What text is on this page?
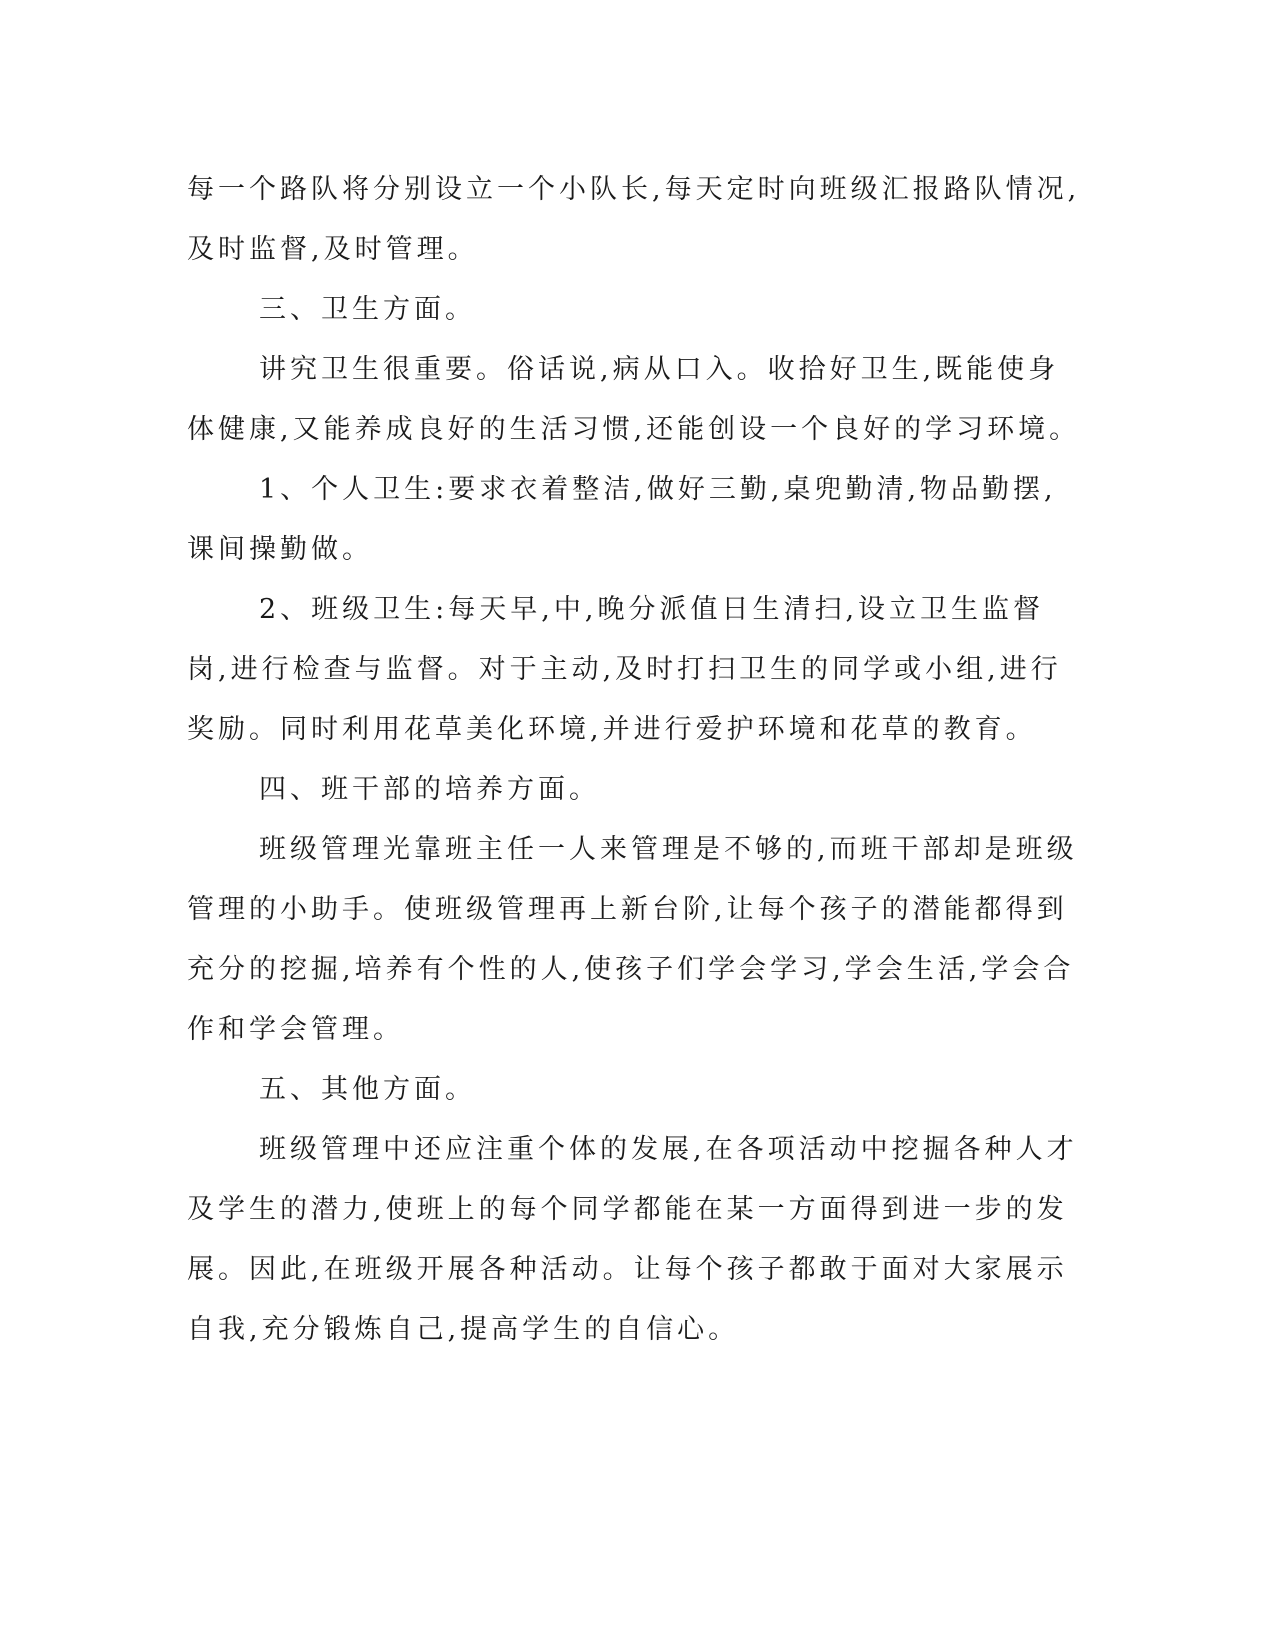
每一个路队将分别设立一个小队长,每天定时向班级汇报路队情况,及时监督,及时管理。

三、卫生方面。

讲究卫生很重要。俗话说,病从口入。收拾好卫生,既能使身体健康,又能养成良好的生活习惯,还能创设一个良好的学习环境。

1、个人卫生:要求衣着整洁,做好三勤,桌兜勤清,物品勤摆,课间操勤做。

2、班级卫生:每天早,中,晚分派值日生清扫,设立卫生监督岗,进行检查与监督。对于主动,及时打扫卫生的同学或小组,进行奖励。同时利用花草美化环境,并进行爱护环境和花草的教育。

四、班干部的培养方面。

班级管理光靠班主任一人来管理是不够的,而班干部却是班级管理的小助手。使班级管理再上新台阶,让每个孩子的潜能都得到充分的挖掘,培养有个性的人,使孩子们学会学习,学会生活,学会合作和学会管理。

五、其他方面。

班级管理中还应注重个体的发展,在各项活动中挖掘各种人才及学生的潜力,使班上的每个同学都能在某一方面得到进一步的发展。因此,在班级开展各种活动。让每个孩子都敢于面对大家展示自我,充分锻炼自己,提高学生的自信心。
